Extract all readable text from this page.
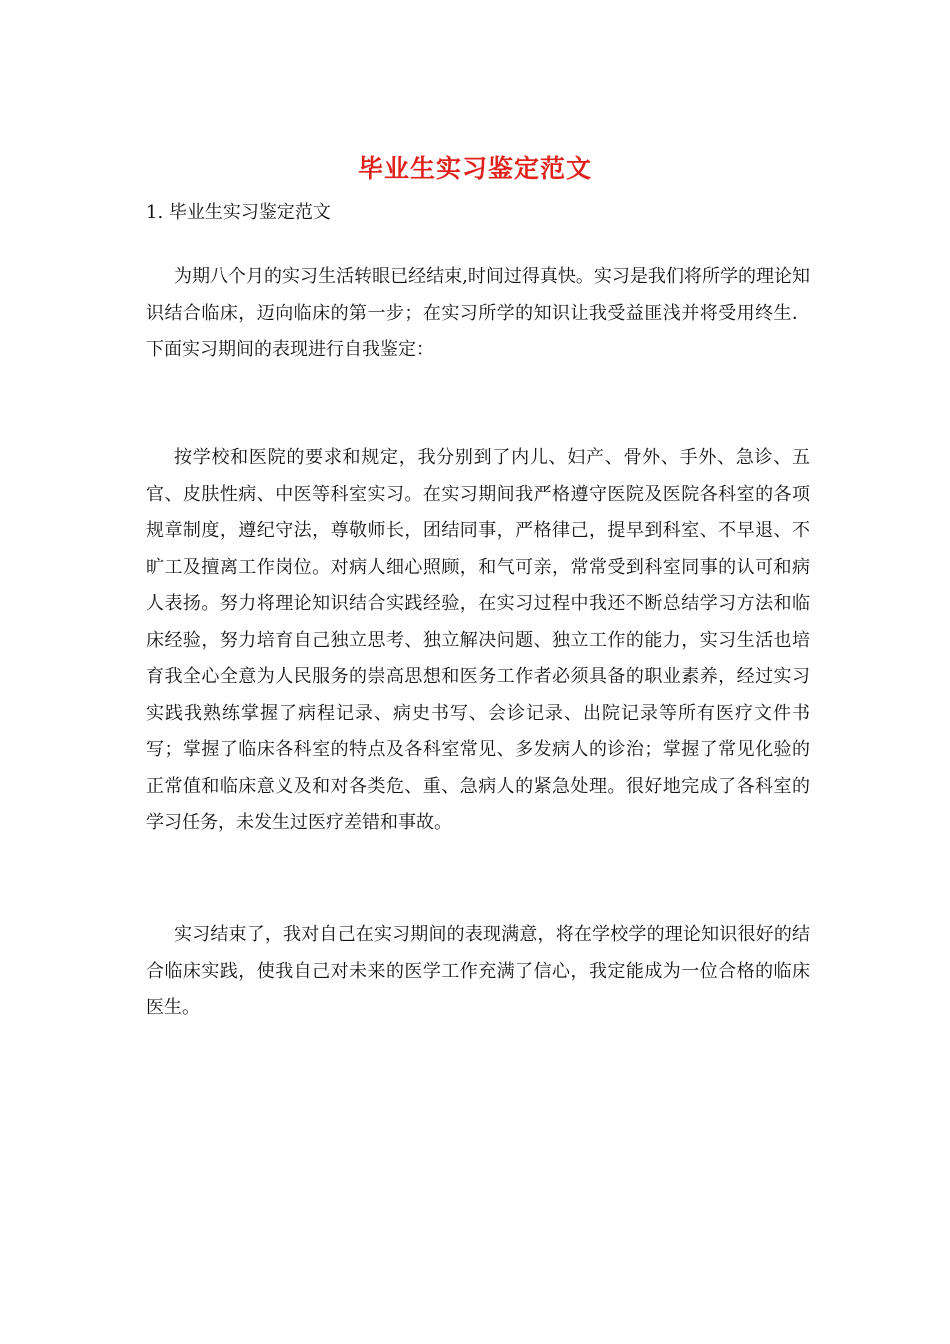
毕业生实习鉴定范文
1. 毕业生实习鉴定范文
为期八个月的实习生活转眼已经结束,时间过得真快。实习是我们将所学的理论知识结合临床，迈向临床的第一步；在实习所学的知识让我受益匪浅并将受用终生．下面实习期间的表现进行自我鉴定：
按学校和医院的要求和规定，我分别到了内儿、妇产、骨外、手外、急诊、五官、皮肤性病、中医等科室实习。在实习期间我严格遵守医院及医院各科室的各项规章制度，遵纪守法，尊敬师长，团结同事，严格律己，提早到科室、不早退、不旷工及擅离工作岗位。对病人细心照顾，和气可亲，常常受到科室同事的认可和病人表扬。努力将理论知识结合实践经验，在实习过程中我还不断总结学习方法和临床经验，努力培育自己独立思考、独立解决问题、独立工作的能力，实习生活也培育我全心全意为人民服务的崇高思想和医务工作者必须具备的职业素养，经过实习实践我熟练掌握了病程记录、病史书写、会诊记录、出院记录等所有医疗文件书写；掌握了临床各科室的特点及各科室常见、多发病人的诊治；掌握了常见化验的正常值和临床意义及和对各类危、重、急病人的紧急处理。很好地完成了各科室的学习任务，未发生过医疗差错和事故。
实习结束了，我对自己在实习期间的表现满意，将在学校学的理论知识很好的结合临床实践，使我自己对未来的医学工作充满了信心，我定能成为一位合格的临床医生。
